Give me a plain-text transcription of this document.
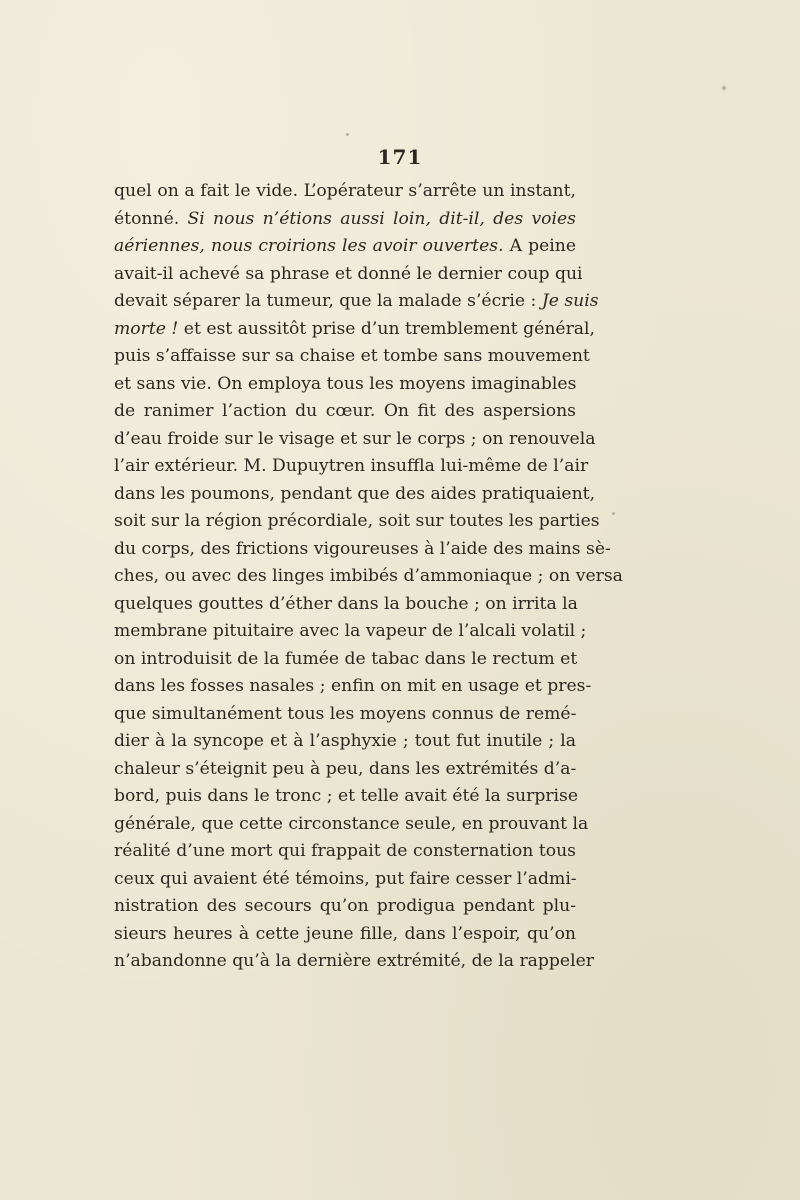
171
quel on a fait le vide. L’opérateur s’arrête un instant,
étonné. Si nous n’étions aussi loin, dit-il, des voies
aériennes, nous croirions les avoir ouvertes. A peine
avait-il achevé sa phrase et donné le dernier coup qui
devait séparer la tumeur, que la malade s’écrie : Je suis
morte ! et est aussitôt prise d’un tremblement général,
puis s’affaisse sur sa chaise et tombe sans mouvement
et sans vie. On employa tous les moyens imaginables
de ranimer l’action du cœur. On fit des aspersions
d’eau froide sur le visage et sur le corps ; on renouvela
l’air extérieur. M. Dupuytren insuffla lui-même de l’air
dans les poumons, pendant que des aides pratiquaient,
soit sur la région précordiale, soit sur toutes les parties
du corps, des frictions vigoureuses à l’aide des mains sè-
ches, ou avec des linges imbibés d’ammoniaque ; on versa
quelques gouttes d’éther dans la bouche ; on irrita la
membrane pituitaire avec la vapeur de l’alcali volatil ;
on introduisit de la fumée de tabac dans le rectum et
dans les fosses nasales ; enfin on mit en usage et pres-
que simultanément tous les moyens connus de remé-
dier à la syncope et à l’asphyxie ; tout fut inutile ; la
chaleur s’éteignit peu à peu, dans les extrémités d’a-
bord, puis dans le tronc ; et telle avait été la surprise
générale, que cette circonstance seule, en prouvant la
réalité d’une mort qui frappait de consternation tous
ceux qui avaient été témoins, put faire cesser l’admi-
nistration des secours qu’on prodigua pendant plu-
sieurs heures à cette jeune fille, dans l’espoir, qu’on
n’abandonne qu’à la dernière extrémité, de la rappeler
